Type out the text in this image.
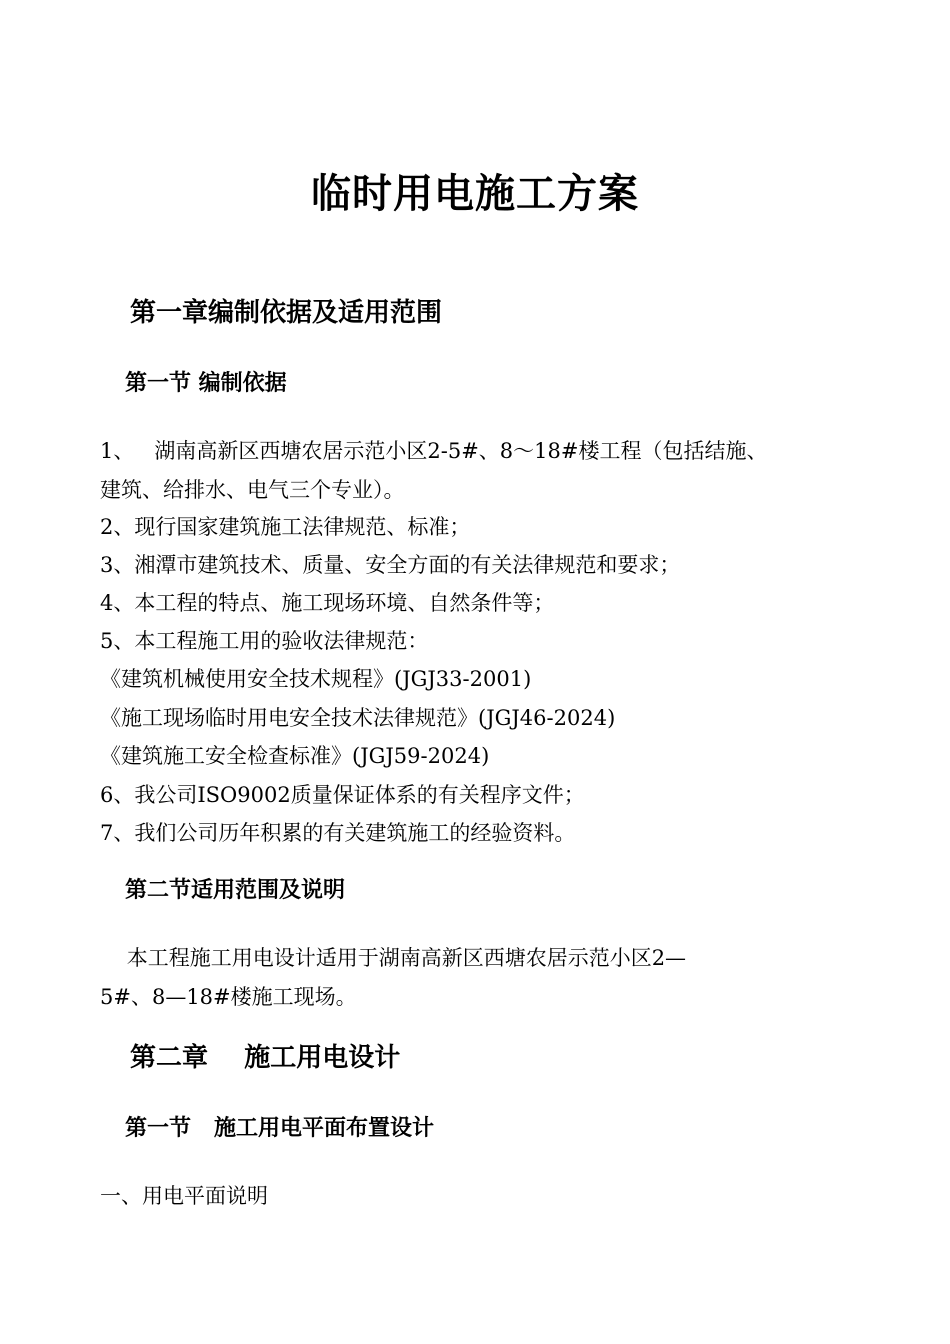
临时用电施工方案
第一章编制依据及适用范围
第一节 编制依据
1、   湖南高新区西塘农居示范小区2-5#、8～18#楼工程（包括结施、
建筑、给排水、电气三个专业）。
2、现行国家建筑施工法律规范、标准；
3、湘潭市建筑技术、质量、安全方面的有关法律规范和要求；
4、本工程的特点、施工现场环境、自然条件等；
5、本工程施工用的验收法律规范：
《建筑机械使用安全技术规程》(JGJ33-2001)
《施工现场临时用电安全技术法律规范》(JGJ46-2024)
《建筑施工安全检查标准》(JGJ59-2024)
6、我公司ISO9002质量保证体系的有关程序文件；
7、我们公司历年积累的有关建筑施工的经验资料。
第二节适用范围及说明
本工程施工用电设计适用于湖南高新区西塘农居示范小区2—
5#、8—18#楼施工现场。
第二章    施工用电设计
第一节   施工用电平面布置设计
一、用电平面说明
